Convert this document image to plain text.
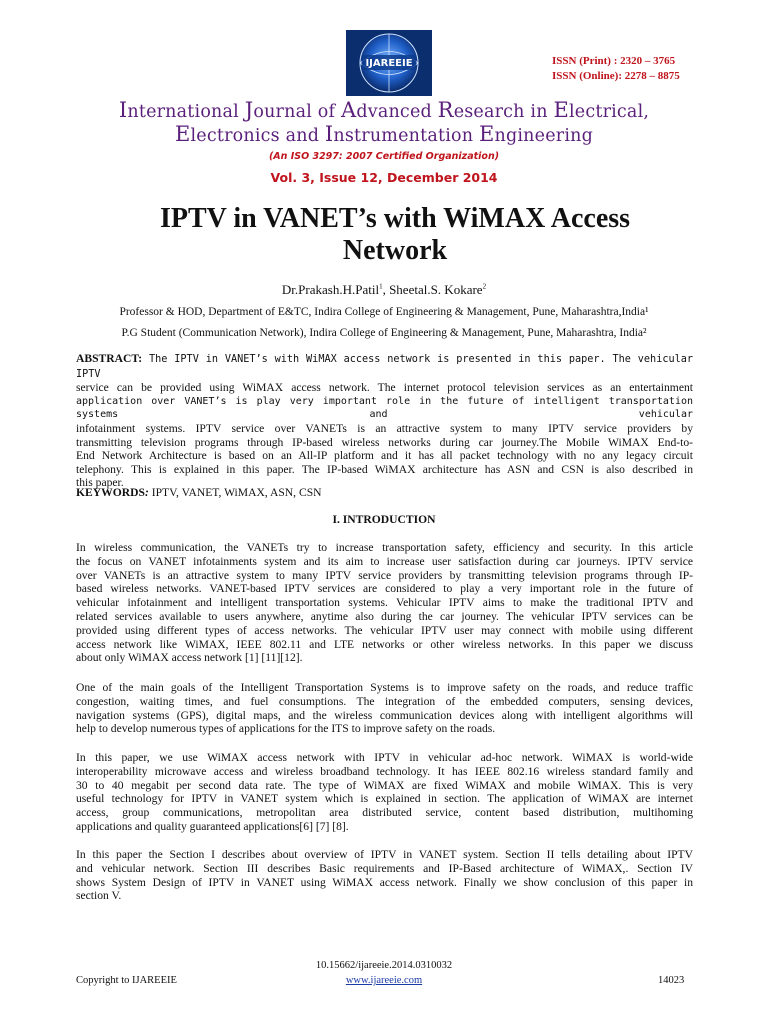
IJAREEIE	ISSN (Print) : 2320 – 3765
ISSN (Online): 2278 – 8875
International Journal of Advanced Research in Electrical,
Electronics and Instrumentation Engineering
(An ISO 3297: 2007 Certified Organization)
Vol. 3, Issue 12, December 2014
IPTV in VANET’s with WiMAX Access
Network
Dr.Prakash.H.Patil$^1$, Sheetal.S. Kokare$^2$
Professor & HOD, Department of E&TC, Indira College of Engineering & Management, Pune, Maharashtra,India¹
P.G Student (Communication Network), Indira College of Engineering & Management, Pune, Maharashtra, India²
ABSTRACT: The IPTV in VANET’s with WiMAX access network is presented in this paper. The vehicular IPTV
service can be provided using WiMAX access network. The internet protocol television services as an entertainment
application over VANET’s is play very important role in the future of intelligent transportation systems and vehicular
infotainment systems. IPTV service over VANETs is an attractive system to many IPTV service providers by
transmitting television programs through IP-based wireless networks during car journey.The Mobile WiMAX End-to-
End Network Architecture is based on an All-IP platform and it has all packet technology with no any legacy circuit
telephony. This is explained in this paper. The IP-based WiMAX architecture has ASN and CSN is also described in
this paper.
KEYWORDS: IPTV, VANET, WiMAX, ASN, CSN
I. INTRODUCTION
In wireless communication, the VANETs try to increase transportation safety, efficiency and security. In this article
the focus on VANET infotainments system and its aim to increase user satisfaction during car journeys. IPTV service
over VANETs is an attractive system to many IPTV service providers by transmitting television programs through IP-
based wireless networks. VANET-based IPTV services are considered to play a very important role in the future of
vehicular infotainment and intelligent transportation systems. Vehicular IPTV aims to make the traditional IPTV and
related services available to users anywhere, anytime also during the car journey. The vehicular IPTV services can be
provided using different types of access networks. The vehicular IPTV user may connect with mobile using different
access network like WiMAX, IEEE 802.11 and LTE networks or other wireless networks. In this paper we discuss
about only WiMAX access network [1] [11][12].
One of the main goals of the Intelligent Transportation Systems is to improve safety on the roads, and reduce traffic
congestion, waiting times, and fuel consumptions. The integration of the embedded computers, sensing devices,
navigation systems (GPS), digital maps, and the wireless communication devices along with intelligent algorithms will
help to develop numerous types of applications for the ITS to improve safety on the roads.
In this paper, we use WiMAX access network with IPTV in vehicular ad-hoc network. WiMAX is world-wide
interoperability microwave access and wireless broadband technology. It has IEEE 802.16 wireless standard family and
30 to 40 megabit per second data rate. The type of WiMAX are fixed WiMAX and mobile WiMAX. This is very
useful technology for IPTV in VANET system which is explained in section. The application of WiMAX are internet
access, group communications, metropolitan area distributed service, content based distribution, multihoming
applications and quality guaranteed applications[6] [7] [8].
In this paper the Section I describes about overview of IPTV in VANET system. Section II tells detailing about IPTV
and vehicular network. Section III describes Basic requirements and IP-Based architecture of WiMAX,. Section IV
shows System Design of IPTV in VANET using WiMAX access network. Finally we show conclusion of this paper in
section V.
10.15662/ijareeie.2014.0310032
Copyright to IJAREEIE	www.ijareeie.com	14023
